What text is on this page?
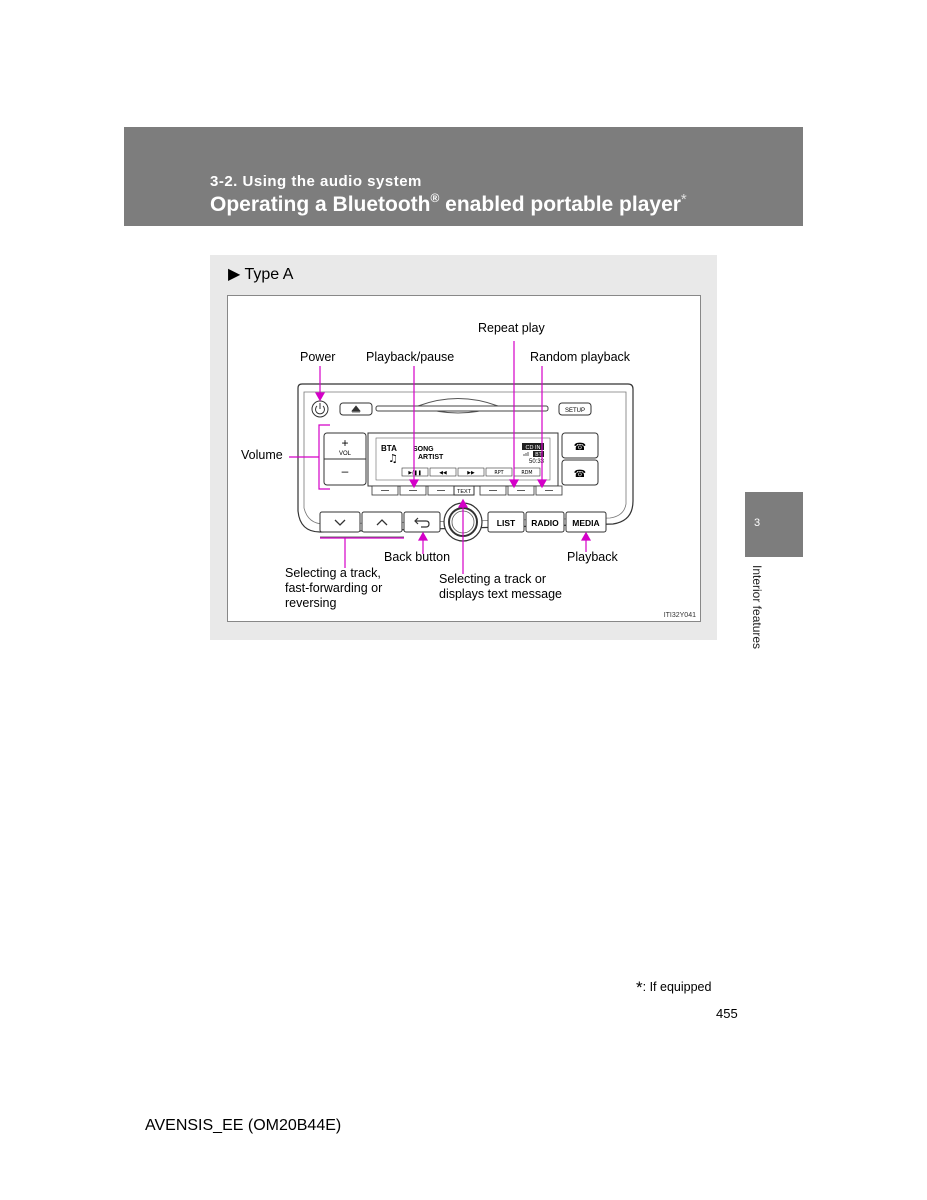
3-2. Using the audio system
Operating a Bluetooth® enabled portable player*
3
Interior features
▶ Type A
SETUP
+
VOL
–
BTA
♫
SONG
ARTIST
CD IN
BT
50:33
▶/❚❚	◀◀	▶▶	RPT	RDM
☎
☎
TEXT
LIST RADIO MEDIA
Repeat play
Power Playback/pause	Random playback
Volume
Back button	Playback
Selecting a track, fast-forwarding or reversing
Selecting a track or displays text message
ITI32Y041
*: If equipped
455
AVENSIS_EE (OM20B44E)
